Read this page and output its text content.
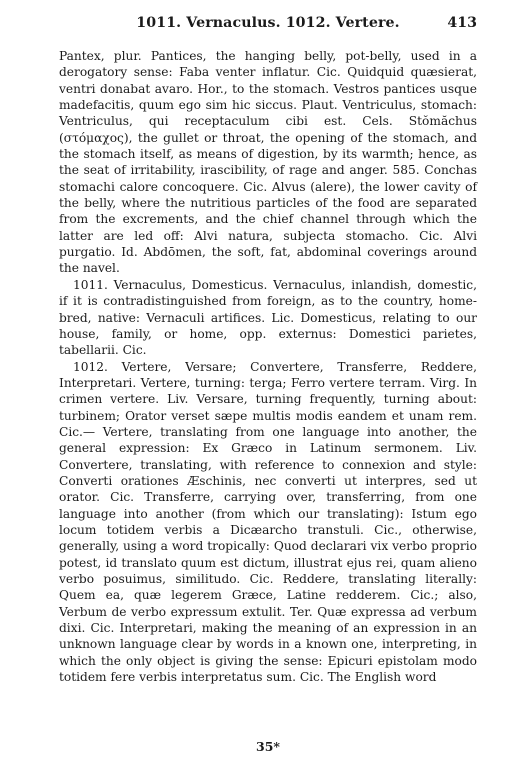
1011. Vernaculus. 1012. Vertere.	413

Pantex, plur. Pantices, the hanging belly, pot-belly, used in a derogatory sense: Faba venter inflatur. Cic. Quidquid quæsierat, ventri donabat avaro. Hor., to the stomach. Vestros pantices usque madefacitis, quum ego sim hic siccus. Plaut. Ventriculus, stomach: Ventriculus, qui receptaculum cibi est. Cels. Stŏmăchus (στόμαχος), the gullet or throat, the opening of the stomach, and the stomach itself, as means of digestion, by its warmth; hence, as the seat of irritability, irascibility, of rage and anger. 585. Conchas stomachi calore concoquere. Cic. Alvus (alere), the lower cavity of the belly, where the nutritious particles of the food are separated from the excrements, and the chief channel through which the latter are led off: Alvi natura, subjecta stomacho. Cic. Alvi purgatio. Id. Abdōmen, the soft, fat, abdominal coverings around the navel.

1011. Vernaculus, Domesticus. Vernaculus, inlandish, domestic, if it is contradistinguished from foreign, as to the country, home-bred, native: Vernaculi artifices. Lic. Domesticus, relating to our house, family, or home, opp. externus: Domestici parietes, tabellarii. Cic.

1012. Vertere, Versare; Convertere, Transferre, Reddere, Interpretari. Vertere, turning: terga; Ferro vertere terram. Virg. In crimen vertere. Liv. Versare, turning frequently, turning about: turbinem; Orator verset sæpe multis modis eandem et unam rem. Cic.— Vertere, translating from one language into another, the general expression: Ex Græco in Latinum sermonem. Liv. Convertere, translating, with reference to connexion and style: Converti orationes Æschinis, nec converti ut interpres, sed ut orator. Cic. Transferre, carrying over, transferring, from one language into another (from which our translating): Istum ego locum totidem verbis a Dicæarcho transtuli. Cic., otherwise, generally, using a word tropically: Quod declarari vix verbo proprio potest, id translato quum est dictum, illustrat ejus rei, quam alieno verbo posuimus, similitudo. Cic. Reddere, translating literally: Quem ea, quæ legerem Græce, Latine redderem. Cic.; also, Verbum de verbo expressum extulit. Ter. Quæ expressa ad verbum dixi. Cic. Interpretari, making the meaning of an expression in an unknown language clear by words in a known one, interpreting, in which the only object is giving the sense: Epicuri epistolam modo totidem fere verbis interpretatus sum. Cic. The English word

35*
